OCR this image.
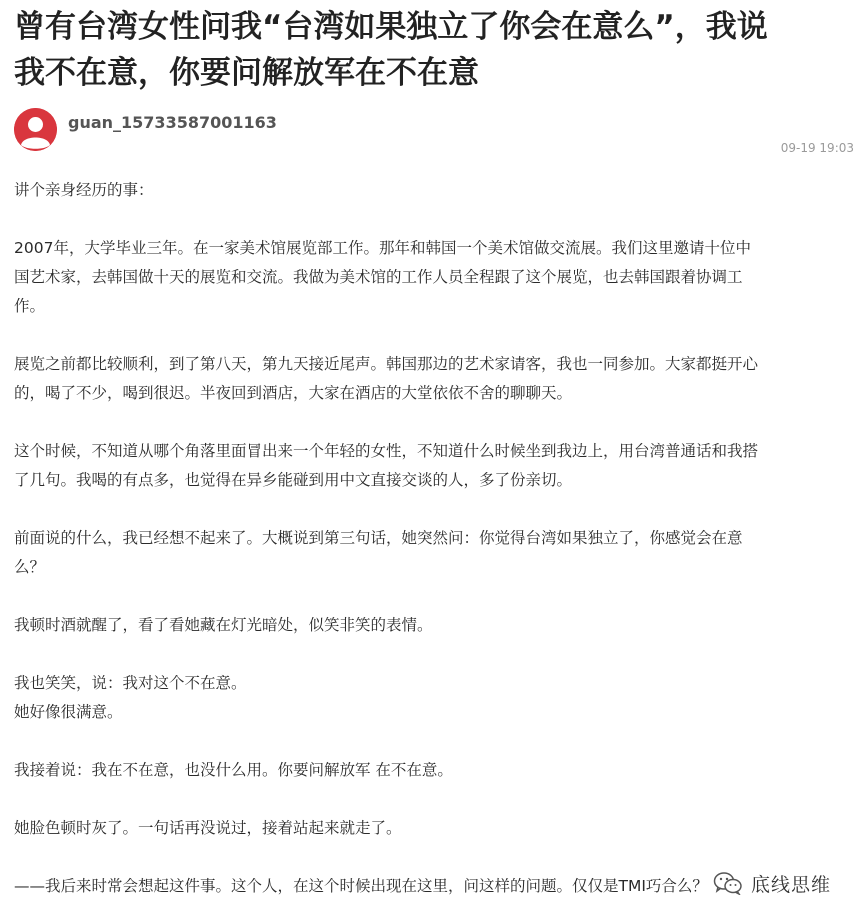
曾有台湾女性问我“台湾如果独立了你会在意么”，我说
我不在意，你要问解放军在不在意
guan_15733587001163
09-19 19:03

讲个亲身经历的事：

2007年，大学毕业三年。在一家美术馆展览部工作。那年和韩国一个美术馆做交流展。我们这里邀请十位中
国艺术家，去韩国做十天的展览和交流。我做为美术馆的工作人员全程跟了这个展览，也去韩国跟着协调工
作。

展览之前都比较顺利，到了第八天，第九天接近尾声。韩国那边的艺术家请客，我也一同参加。大家都挺开心
的，喝了不少，喝到很迟。半夜回到酒店，大家在酒店的大堂依依不舍的聊聊天。

这个时候，不知道从哪个角落里面冒出来一个年轻的女性，不知道什么时候坐到我边上，用台湾普通话和我搭
了几句。我喝的有点多，也觉得在异乡能碰到用中文直接交谈的人，多了份亲切。

前面说的什么，我已经想不起来了。大概说到第三句话，她突然问：你觉得台湾如果独立了，你感觉会在意
么？

我顿时酒就醒了，看了看她藏在灯光暗处，似笑非笑的表情。

我也笑笑，说：我对这个不在意。
她好像很满意。

我接着说：我在不在意，也没什么用。你要问解放军 在不在意。

她脸色顿时灰了。一句话再没说过，接着站起来就走了。

——我后来时常会想起这件事。这个人，在这个时候出现在这里，问这样的问题。仅仅是TMI巧合么？	底线思维
